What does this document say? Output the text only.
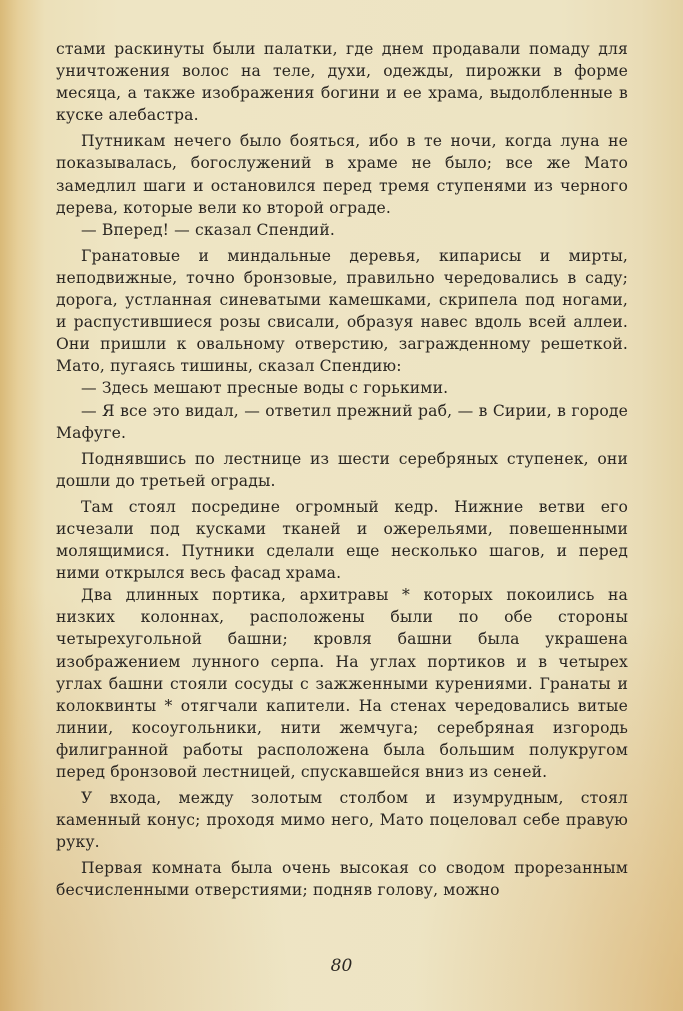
стами раскинуты были палатки, где днем продавали помаду для уничтожения волос на теле, духи, одежды, пирожки в форме месяца, а также изображения богини и ее храма, выдолбленные в куске алебастра.

Путникам нечего было бояться, ибо в те ночи, когда луна не показывалась, богослужений в храме не было; все же Мато замедлил шаги и остановился перед тремя ступенями из черного дерева, которые вели ко второй ограде.

— Вперед! — сказал Спендий.

Гранатовые и миндальные деревья, кипарисы и мирты, неподвижные, точно бронзовые, правильно чередовались в саду; дорога, устланная синеватыми камешками, скрипела под ногами, и распустившиеся розы свисали, образуя навес вдоль всей аллеи. Они пришли к овальному отверстию, загражденному решеткой. Мато, пугаясь тишины, сказал Спендию:

— Здесь мешают пресные воды с горькими.

— Я все это видал, — ответил прежний раб, — в Сирии, в городе Мафуге.

Поднявшись по лестнице из шести серебряных ступенек, они дошли до третьей ограды.

Там стоял посредине огромный кедр. Нижние ветви его исчезали под кусками тканей и ожерельями, повешенными молящимися. Путники сделали еще несколько шагов, и перед ними открылся весь фасад храма.

Два длинных портика, архитравы * которых покоились на низких колоннах, расположены были по обе стороны четырехугольной башни; кровля башни была украшена изображением лунного серпа. На углах портиков и в четырех углах башни стояли сосуды с зажженными курениями. Гранаты и колоквинты * отягчали капители. На стенах чередовались витые линии, косоугольники, нити жемчуга; серебряная изгородь филигранной работы расположена была большим полукругом перед бронзовой лестницей, спускавшейся вниз из сеней.

У входа, между золотым столбом и изумрудным, стоял каменный конус; проходя мимо него, Мато поцеловал себе правую руку.

Первая комната была очень высокая со сводом прорезанным бесчисленными отверстиями; подняв голову, можно

80
